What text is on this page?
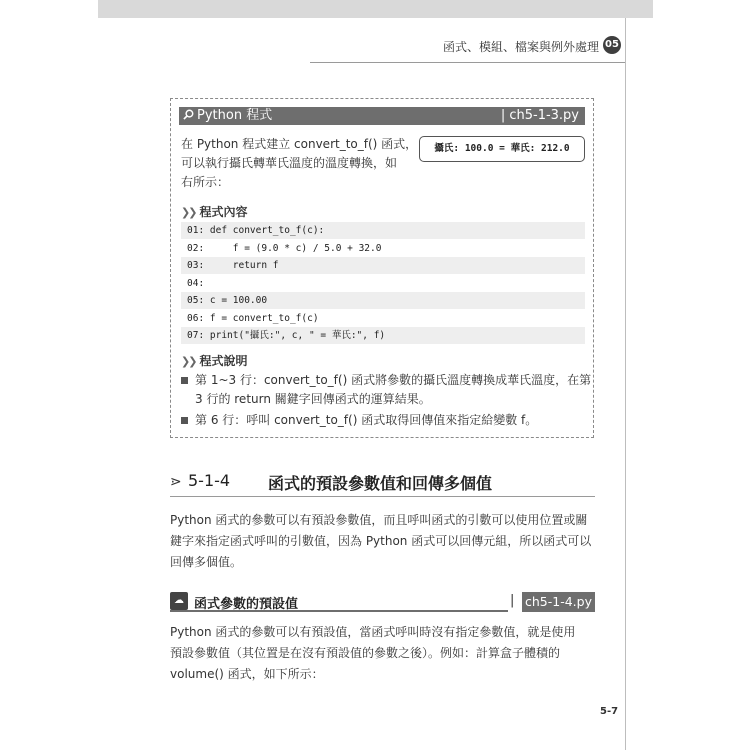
函式、模組、檔案與例外處理 05
Python 程式	| ch5-1-3.py
在 Python 程式建立 convert_to_f() 函式，
可以執行攝氏轉華氏溫度的溫度轉換，如
右所示：
攝氏: 100.0 = 華氏: 212.0
❯❯ 程式內容
01: def convert_to_f(c):
02:     f = (9.0 * c) / 5.0 + 32.0
03:     return f
04:
05: c = 100.00
06: f = convert_to_f(c)
07: print("攝氏:", c, " = 華氏:", f)
❯❯ 程式說明
第 1~3 行：convert_to_f() 函式將參數的攝氏溫度轉換成華氏溫度，在第
3 行的 return 關鍵字回傳函式的運算結果。
第 6 行：呼叫 convert_to_f() 函式取得回傳值來指定給變數 f。
⋗ 5-1-4 函式的預設參數值和回傳多個值
Python 函式的參數可以有預設參數值，而且呼叫函式的引數可以使用位置或關
鍵字來指定函式呼叫的引數值，因為 Python 函式可以回傳元組，所以函式可以
回傳多個值。
☁ 函式參數的預設值	| ch5-1-4.py
Python 函式的參數可以有預設值，當函式呼叫時沒有指定參數值，就是使用
預設參數值（其位置是在沒有預設值的參數之後）。例如：計算盒子體積的
volume() 函式，如下所示：
5-7
